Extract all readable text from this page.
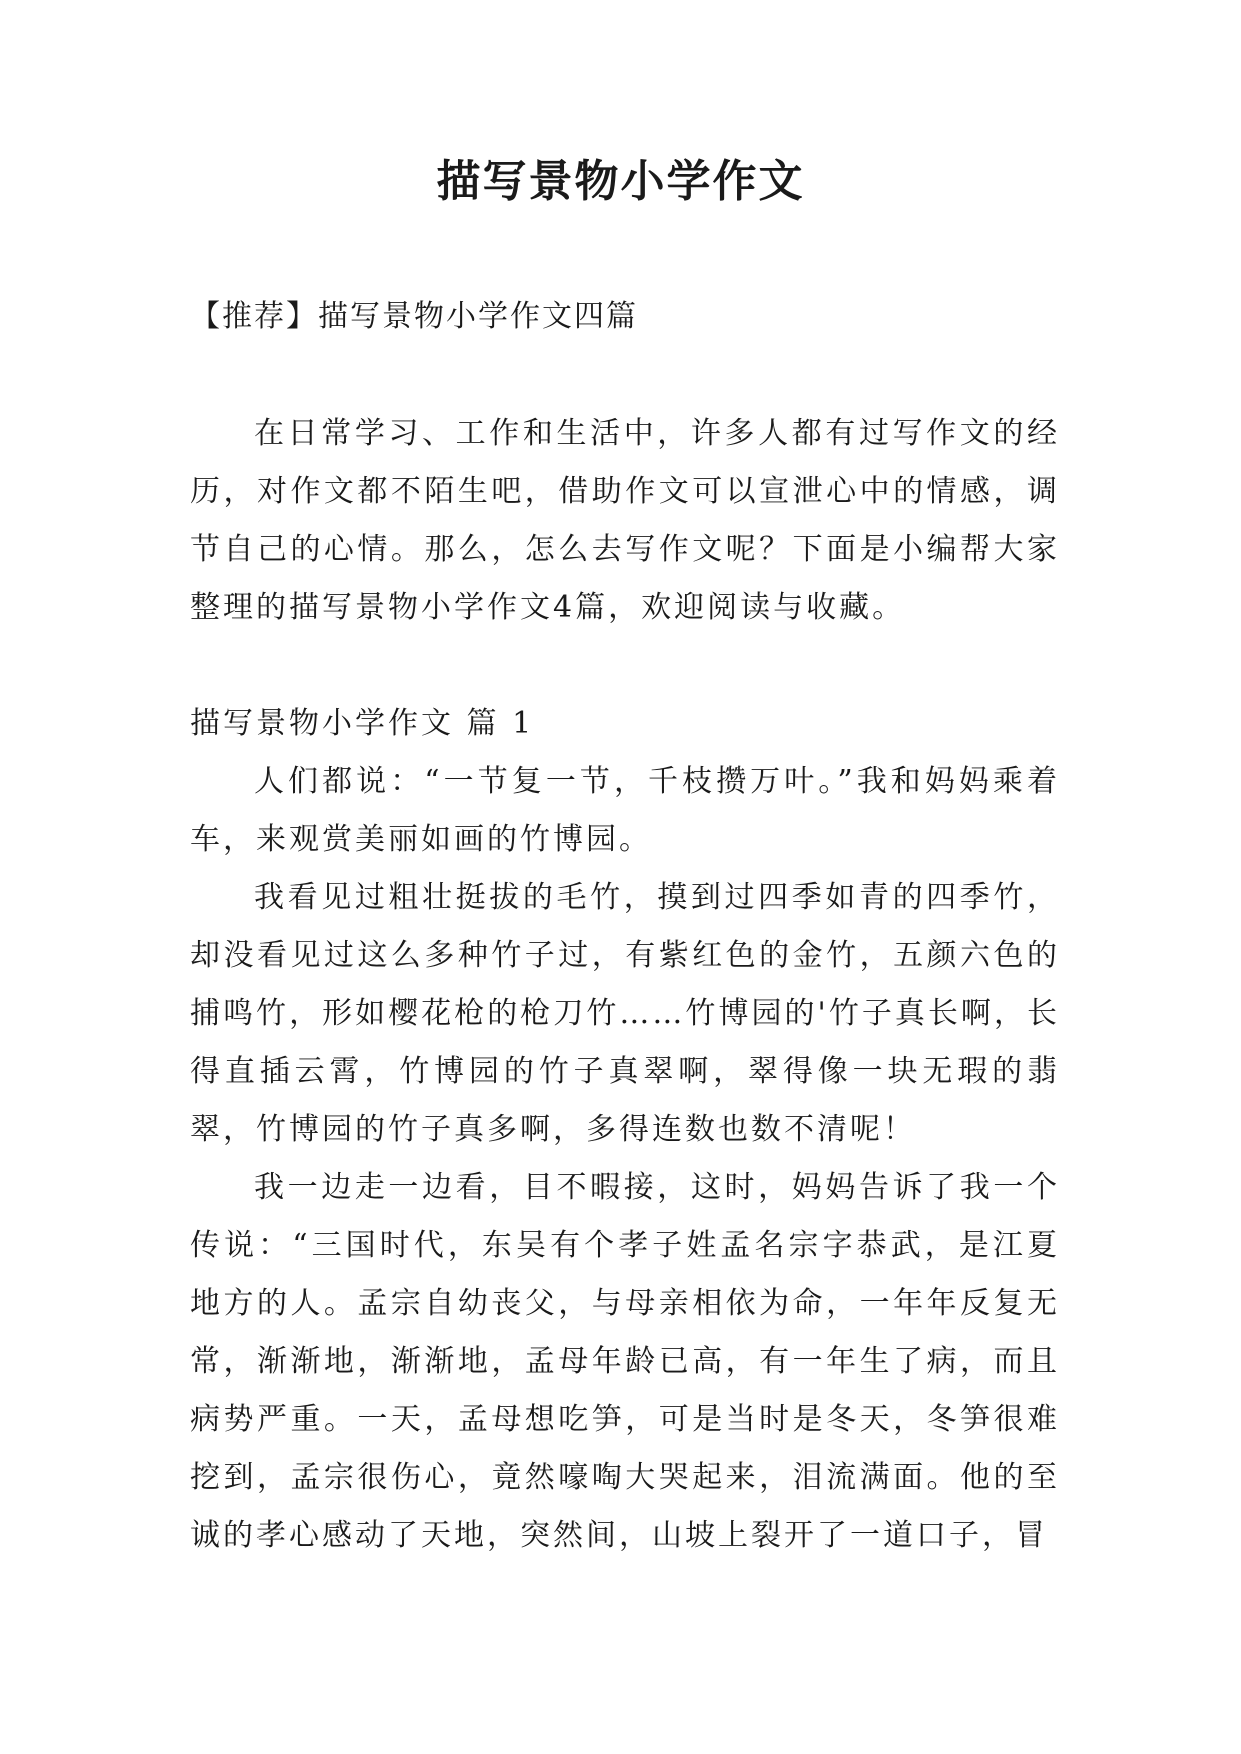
描写景物小学作文
【推荐】描写景物小学作文四篇

在日常学习、工作和生活中，许多人都有过写作文的经历，对作文都不陌生吧，借助作文可以宣泄心中的情感，调节自己的心情。那么，怎么去写作文呢？下面是小编帮大家整理的描写景物小学作文4篇，欢迎阅读与收藏。

描写景物小学作文 篇 1

人们都说：“一节复一节，千枝攒万叶。”我和妈妈乘着车，来观赏美丽如画的竹博园。

我看见过粗壮挺拔的毛竹，摸到过四季如青的四季竹，却没看见过这么多种竹子过，有紫红色的金竹，五颜六色的捕鸣竹，形如樱花枪的枪刀竹……竹博园的'竹子真长啊，长得直插云霄，竹博园的竹子真翠啊，翠得像一块无瑕的翡翠，竹博园的竹子真多啊，多得连数也数不清呢！

我一边走一边看，目不暇接，这时，妈妈告诉了我一个传说：“三国时代，东吴有个孝子姓孟名宗字恭武，是江夏地方的人。孟宗自幼丧父，与母亲相依为命，一年年反复无常，渐渐地，渐渐地，孟母年龄已高，有一年生了病，而且病势严重。一天，孟母想吃笋，可是当时是冬天，冬笋很难挖到，孟宗很伤心，竟然嚎啕大哭起来，泪流满面。他的至诚的孝心感动了天地，突然间，山坡上裂开了一道口子，冒
